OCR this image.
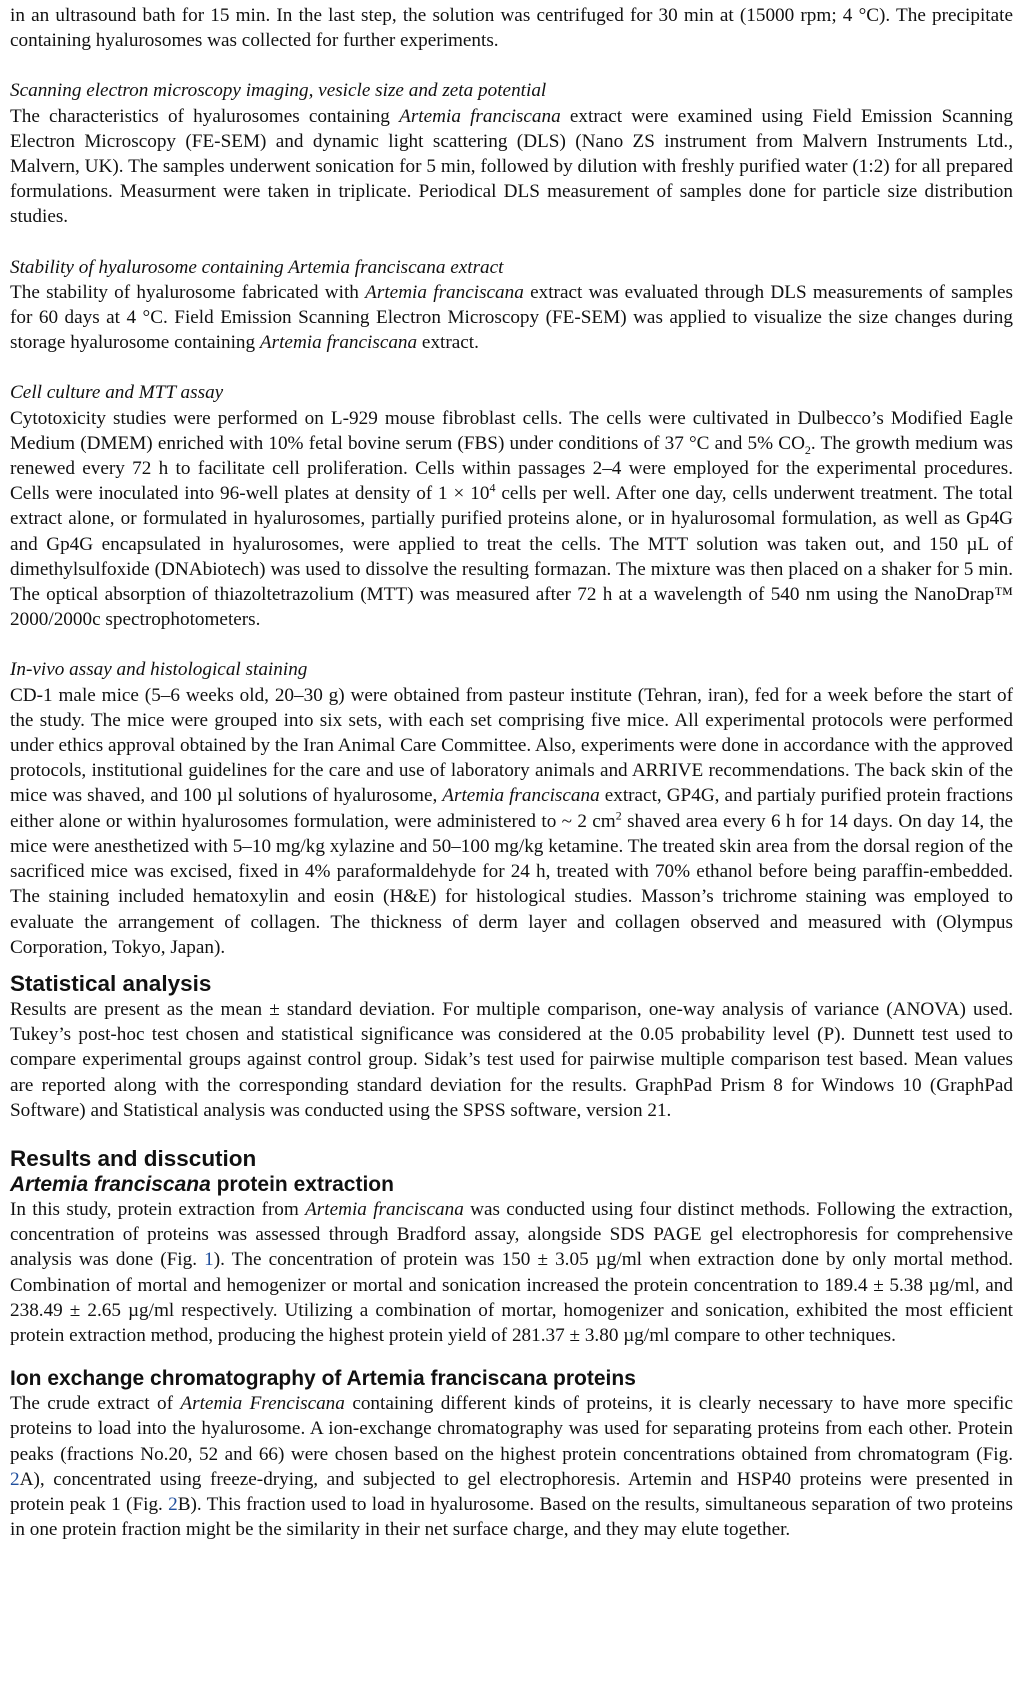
in an ultrasound bath for 15 min. In the last step, the solution was centrifuged for 30 min at (15000 rpm; 4 °C). The precipitate containing hyalurosomes was collected for further experiments.

Scanning electron microscopy imaging, vesicle size and zeta potential

The characteristics of hyalurosomes containing Artemia franciscana extract were examined using Field Emission Scanning Electron Microscopy (FE-SEM) and dynamic light scattering (DLS) (Nano ZS instrument from Malvern Instruments Ltd., Malvern, UK). The samples underwent sonication for 5 min, followed by dilution with freshly purified water (1:2) for all prepared formulations. Measurment were taken in triplicate. Periodical DLS measurement of samples done for particle size distribution studies.

Stability of hyalurosome containing Artemia franciscana extract

The stability of hyalurosome fabricated with Artemia franciscana extract was evaluated through DLS measurements of samples for 60 days at 4 °C. Field Emission Scanning Electron Microscopy (FE-SEM) was applied to visualize the size changes during storage hyalurosome containing Artemia franciscana extract.

Cell culture and MTT assay

Cytotoxicity studies were performed on L-929 mouse fibroblast cells. The cells were cultivated in Dulbecco’s Modified Eagle Medium (DMEM) enriched with 10% fetal bovine serum (FBS) under conditions of 37 °C and 5% $CO_2$. The growth medium was renewed every 72 h to facilitate cell proliferation. Cells within passages 2–4 were employed for the experimental procedures. Cells were inoculated into 96-well plates at density of $1 \times 10^4$ cells per well. After one day, cells underwent treatment. The total extract alone, or formulated in hyalurosomes, partially purified proteins alone, or in hyalurosomal formulation, as well as Gp4G and Gp4G encapsulated in hyalurosomes, were applied to treat the cells. The MTT solution was taken out, and 150 µL of dimethylsulfoxide (DNAbiotech) was used to dissolve the resulting formazan. The mixture was then placed on a shaker for 5 min. The optical absorption of thiazoltetrazolium (MTT) was measured after 72 h at a wavelength of 540 nm using the NanoDrap™ 2000/2000c spectrophotometers.

In-vivo assay and histological staining

CD-1 male mice (5–6 weeks old, 20–30 g) were obtained from pasteur institute (Tehran, iran), fed for a week before the start of the study. The mice were grouped into six sets, with each set comprising five mice. All experimental protocols were performed under ethics approval obtained by the Iran Animal Care Committee. Also, experiments were done in accordance with the approved protocols, institutional guidelines for the care and use of laboratory animals and ARRIVE recommendations. The back skin of the mice was shaved, and 100 µl solutions of hyalurosome, Artemia franciscana extract, GP4G, and partialy purified protein fractions either alone or within hyalurosomes formulation, were administered to ~ 2 $cm^2$ shaved area every 6 h for 14 days. On day 14, the mice were anesthetized with 5–10 mg/kg xylazine and 50–100 mg/kg ketamine. The treated skin area from the dorsal region of the sacrificed mice was excised, fixed in 4% paraformaldehyde for 24 h, treated with 70% ethanol before being paraffin-embedded. The staining included hematoxylin and eosin (H&E) for histological studies. Masson’s trichrome staining was employed to evaluate the arrangement of collagen. The thickness of derm layer and collagen observed and measured with (Olympus Corporation, Tokyo, Japan).

Statistical analysis

Results are present as the mean ± standard deviation. For multiple comparison, one-way analysis of variance (ANOVA) used. Tukey’s post-hoc test chosen and statistical significance was considered at the 0.05 probability level (P). Dunnett test used to compare experimental groups against control group. Sidak’s test used for pairwise multiple comparison test based. Mean values are reported along with the corresponding standard deviation for the results. GraphPad Prism 8 for Windows 10 (GraphPad Software) and Statistical analysis was conducted using the SPSS software, version 21.

Results and disscution
Artemia franciscana protein extraction

In this study, protein extraction from Artemia franciscana was conducted using four distinct methods. Following the extraction, concentration of proteins was assessed through Bradford assay, alongside SDS PAGE gel electrophoresis for comprehensive analysis was done (Fig. 1). The concentration of protein was 150 ± 3.05 µg/ml when extraction done by only mortal method. Combination of mortal and hemogenizer or mortal and sonication increased the protein concentration to 189.4 ± 5.38 µg/ml, and 238.49 ± 2.65 µg/ml respectively. Utilizing a combination of mortar, homogenizer and sonication, exhibited the most efficient protein extraction method, producing the highest protein yield of 281.37 ± 3.80 µg/ml compare to other techniques.

Ion exchange chromatography of Artemia franciscana proteins

The crude extract of Artemia Frenciscana containing different kinds of proteins, it is clearly necessary to have more specific proteins to load into the hyalurosome. A ion-exchange chromatography was used for separating proteins from each other. Protein peaks (fractions No.20, 52 and 66) were chosen based on the highest protein concentrations obtained from chromatogram (Fig. 2A), concentrated using freeze-drying, and subjected to gel electrophoresis. Artemin and HSP40 proteins were presented in protein peak 1 (Fig. 2B). This fraction used to load in hyalurosome. Based on the results, simultaneous separation of two proteins in one protein fraction might be the similarity in their net surface charge, and they may elute together.
